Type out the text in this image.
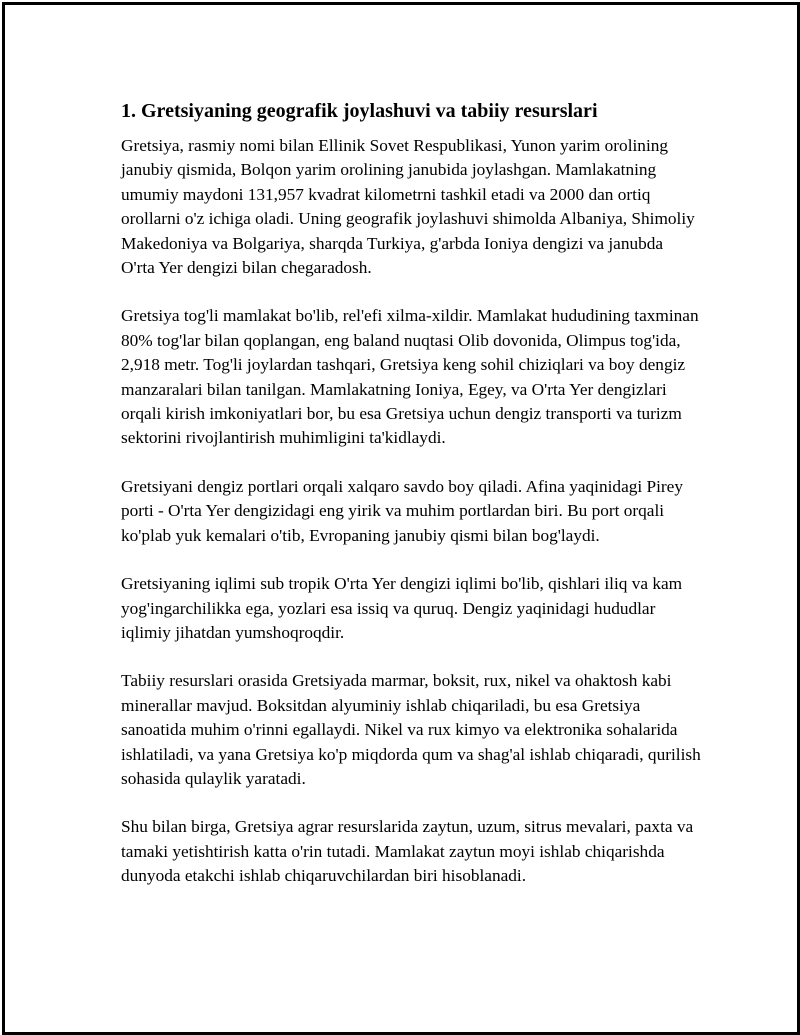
1. Gretsiyaning geografik joylashuvi va tabiiy resurslari

Gretsiya, rasmiy nomi bilan Ellinik Sovet Respublikasi, Yunon yarim orolining janubiy qismida, Bolqon yarim orolining janubida joylashgan. Mamlakatning umumiy maydoni 131,957 kvadrat kilometrni tashkil etadi va 2000 dan ortiq orollarni o'z ichiga oladi. Uning geografik joylashuvi shimolda Albaniya, Shimoliy Makedoniya va Bolgariya, sharqda Turkiya, g'arbda Ioniya dengizi va janubda O'rta Yer dengizi bilan chegaradosh.

Gretsiya tog'li mamlakat bo'lib, rel'efi xilma-xildir. Mamlakat hududining taxminan 80% tog'lar bilan qoplangan, eng baland nuqtasi Olib dovonida, Olimpus tog'ida, 2,918 metr. Tog'li joylardan tashqari, Gretsiya keng sohil chiziqlari va boy dengiz manzaralari bilan tanilgan. Mamlakatning Ioniya, Egey, va O'rta Yer dengizlari orqali kirish imkoniyatlari bor, bu esa Gretsiya uchun dengiz transporti va turizm sektorini rivojlantirish muhimligini ta'kidlaydi.

Gretsiyani dengiz portlari orqali xalqaro savdo boy qiladi. Afina yaqinidagi Pirey porti - O'rta Yer dengizidagi eng yirik va muhim portlardan biri. Bu port orqali ko'plab yuk kemalari o'tib, Evropaning janubiy qismi bilan bog'laydi.

Gretsiyaning iqlimi sub tropik O'rta Yer dengizi iqlimi bo'lib, qishlari iliq va kam yog'ingarchilikka ega, yozlari esa issiq va quruq. Dengiz yaqinidagi hududlar iqlimiy jihatdan yumshoqroqdir.

Tabiiy resurslari orasida Gretsiyada marmar, boksit, rux, nikel va ohaktosh kabi minerallar mavjud. Boksitdan alyuminiy ishlab chiqariladi, bu esa Gretsiya sanoatida muhim o'rinni egallaydi. Nikel va rux kimyo va elektronika sohalarida ishlatiladi, va yana Gretsiya ko'p miqdorda qum va shag'al ishlab chiqaradi, qurilish sohasida qulaylik yaratadi.

Shu bilan birga, Gretsiya agrar resurslarida zaytun, uzum, sitrus mevalari, paxta va tamaki yetishtirish katta o'rin tutadi. Mamlakat zaytun moyi ishlab chiqarishda dunyoda etakchi ishlab chiqaruvchilardan biri hisoblanadi.
